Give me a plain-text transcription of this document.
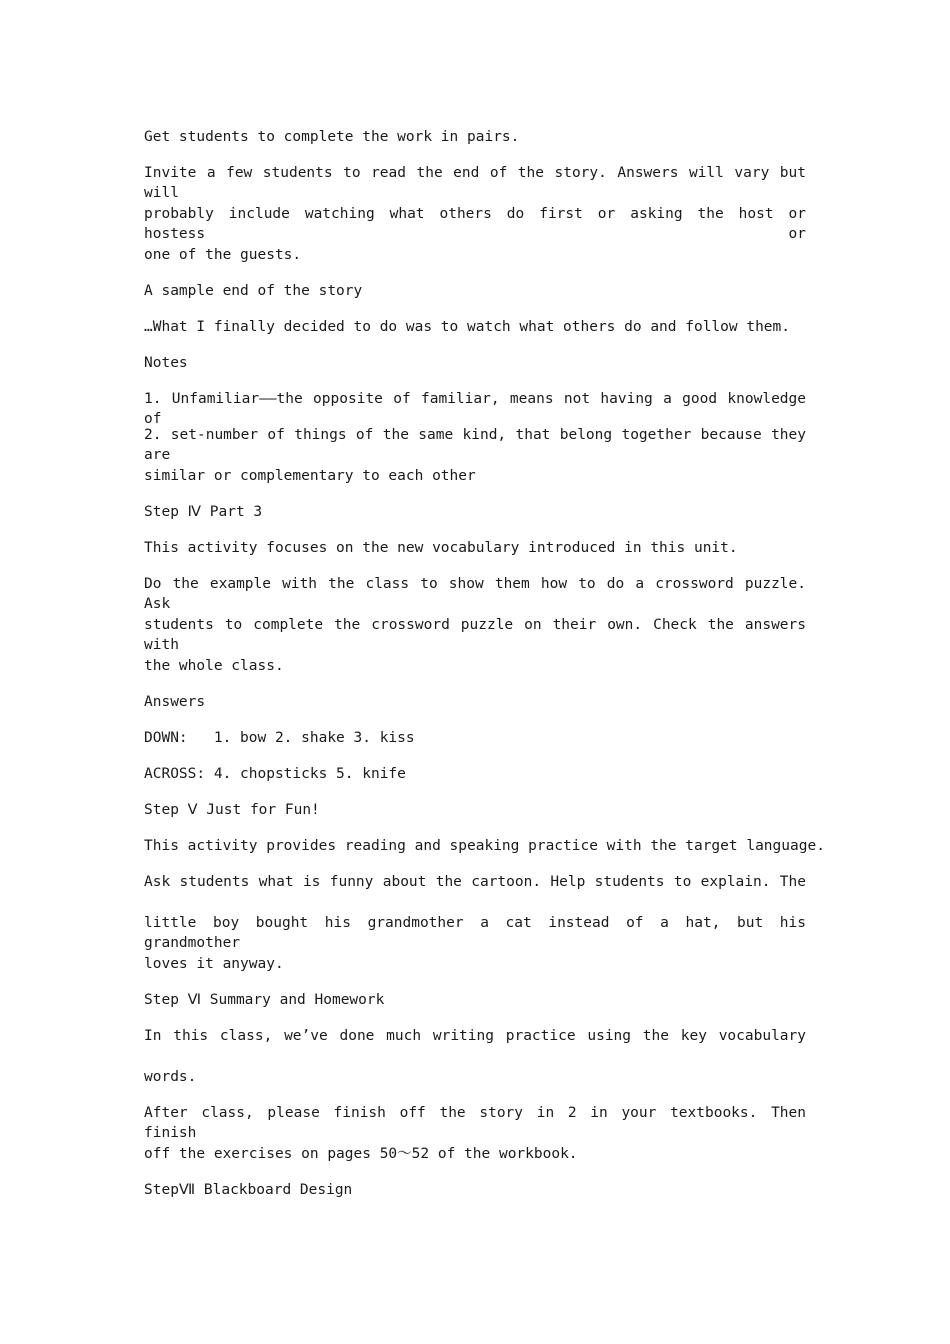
Get students to complete the work in pairs.
Invite a few students to read the end of the story. Answers will vary but will
probably include watching what others do first or asking the host or hostess or
one of the guests.
A sample end of the story
…What I finally decided to do was to watch what others do and follow them.
Notes
1. Unfamiliar——the opposite of familiar, means not having a good knowledge of
2. set-number of things of the same kind, that belong together because they are
similar or complementary to each other
Step Ⅳ Part 3
This activity focuses on the new vocabulary introduced in this unit.
Do the example with the class to show them how to do a crossword puzzle. Ask
students to complete the crossword puzzle on their own. Check the answers with
the whole class.
Answers
DOWN:   1. bow 2. shake 3. kiss
ACROSS: 4. chopsticks 5. knife
Step Ⅴ Just for Fun!
This activity provides reading and speaking practice with the target language.
Ask students what is funny about the cartoon. Help students to explain. The
little boy bought his grandmother a cat instead of a hat, but his grandmother
loves it anyway.
Step Ⅵ Summary and Homework
In this class, we’ve done much writing practice using the key vocabulary
words.
After class, please finish off the story in 2 in your textbooks. Then finish
off the exercises on pages 50～52 of the workbook.
StepⅦ Blackboard Design
